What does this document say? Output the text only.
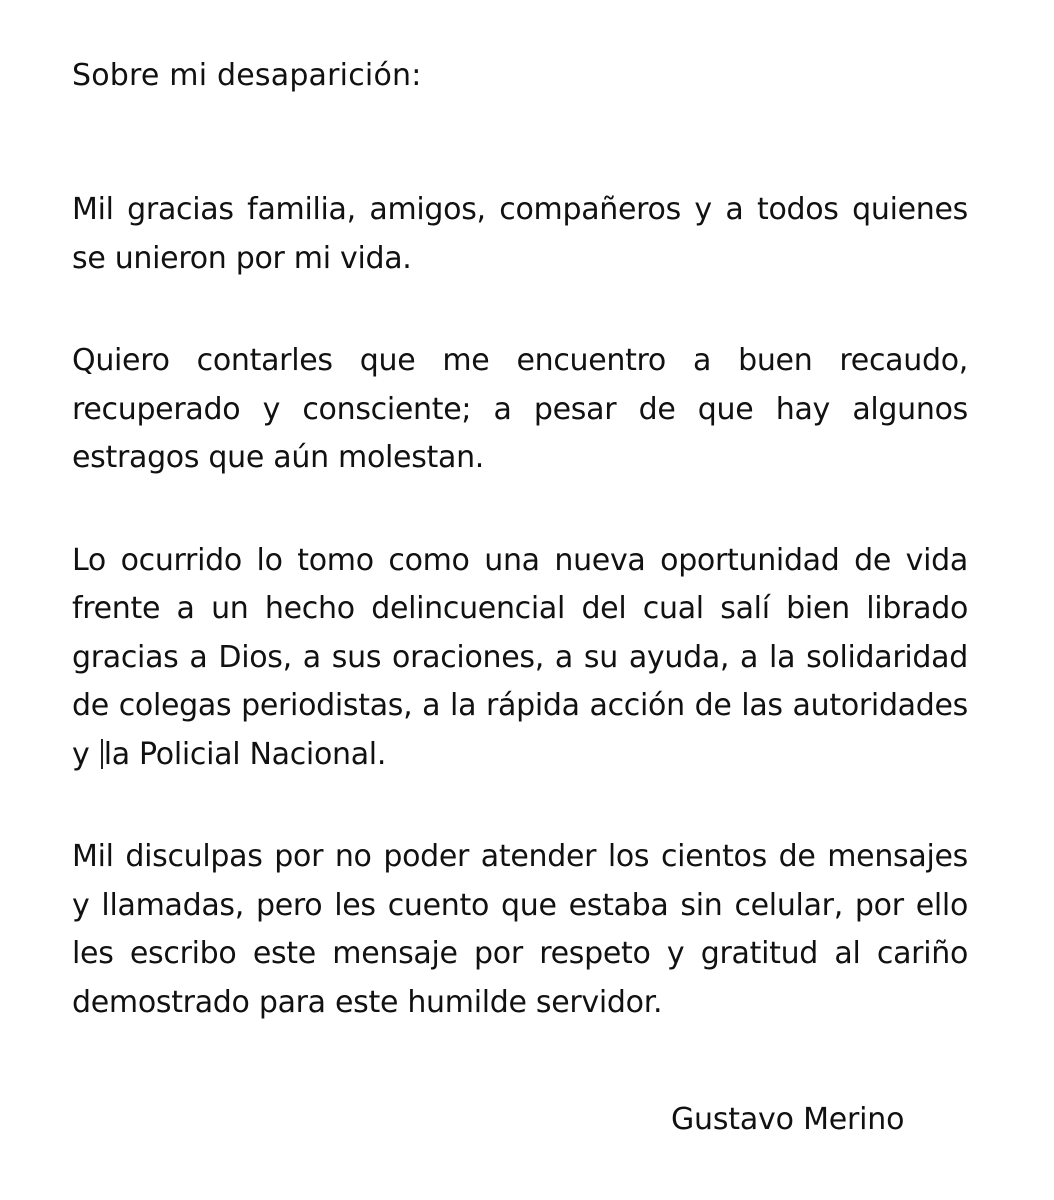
Sobre mi desaparición:

Mil gracias familia, amigos, compañeros y a todos quienes se unieron por mi vida.

Quiero contarles que me encuentro a buen recaudo, recuperado y consciente; a pesar de que hay algunos estragos que aún molestan.

Lo ocurrido lo tomo como una nueva oportunidad de vida frente a un hecho delincuencial del cual salí bien librado gracias a Dios, a sus oraciones, a su ayuda, a la solidaridad de colegas periodistas, a la rápida acción de las autoridades y la Policial Nacional.

Mil disculpas por no poder atender los cientos de mensajes y llamadas, pero les cuento que estaba sin celular, por ello les escribo este mensaje por respeto y gratitud al cariño demostrado para este humilde servidor.

Gustavo Merino
